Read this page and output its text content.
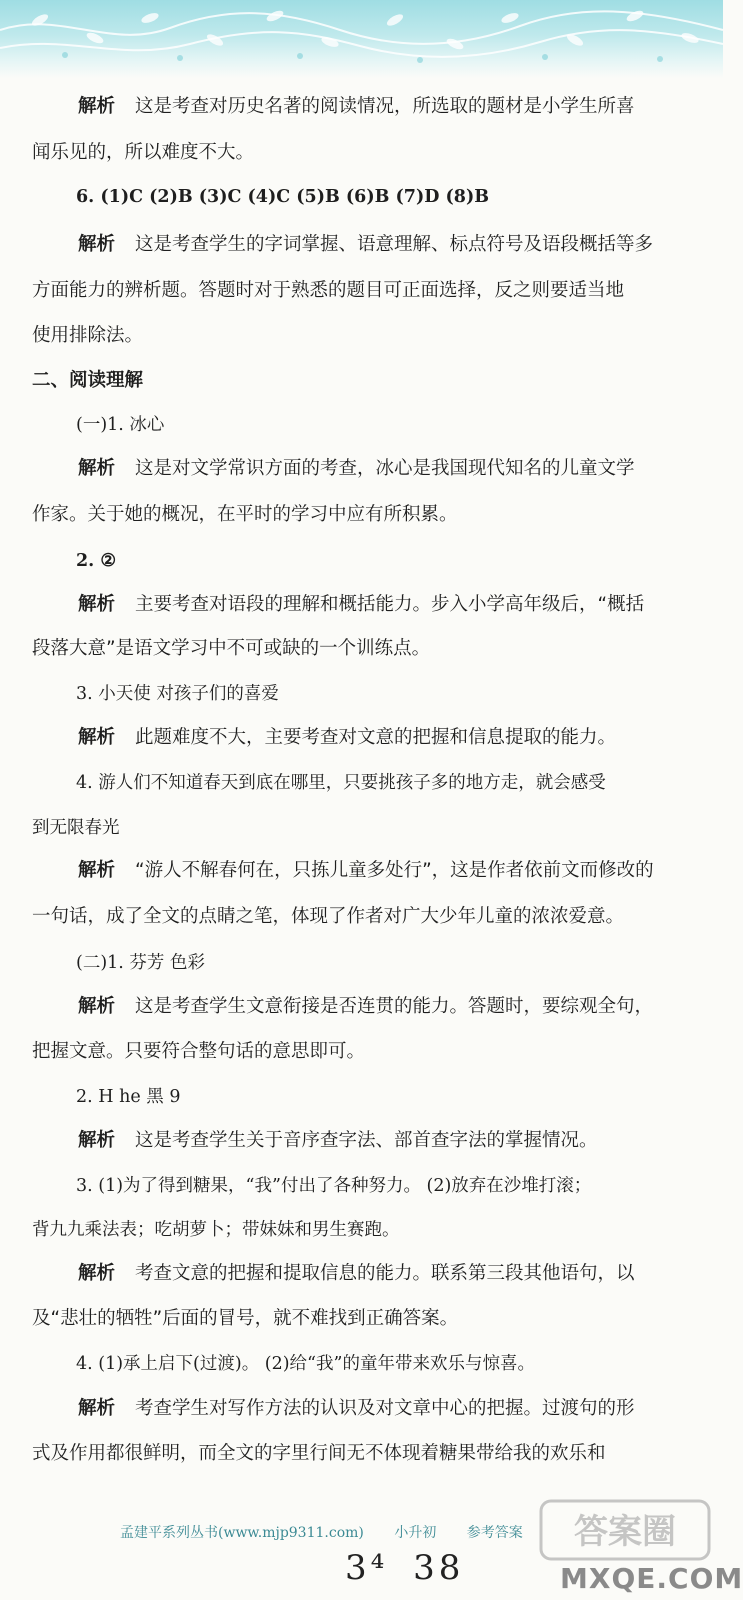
解析 这是考查对历史名著的阅读情况，所选取的题材是小学生所喜
闻乐见的，所以难度不大。
6. (1)C (2)B (3)C (4)C (5)B (6)B (7)D (8)B
解析 这是考查学生的字词掌握、语意理解、标点符号及语段概括等多
方面能力的辨析题。答题时对于熟悉的题目可正面选择，反之则要适当地
使用排除法。
二、阅读理解
(一)1. 冰心
解析 这是对文学常识方面的考查，冰心是我国现代知名的儿童文学
作家。关于她的概况，在平时的学习中应有所积累。
2. ②
解析 主要考查对语段的理解和概括能力。步入小学高年级后，“概括
段落大意”是语文学习中不可或缺的一个训练点。
3. 小天使 对孩子们的喜爱
解析 此题难度不大，主要考查对文意的把握和信息提取的能力。
4. 游人们不知道春天到底在哪里，只要挑孩子多的地方走，就会感受
到无限春光
解析 “游人不解春何在，只拣儿童多处行”，这是作者依前文而修改的
一句话，成了全文的点睛之笔，体现了作者对广大少年儿童的浓浓爱意。
(二)1. 芬芳 色彩
解析 这是考查学生文意衔接是否连贯的能力。答题时，要综观全句，
把握文意。只要符合整句话的意思即可。
2. H he 黑 9
解析 这是考查学生关于音序查字法、部首查字法的掌握情况。
3. (1)为了得到糖果，“我”付出了各种努力。 (2)放弃在沙堆打滚；
背九九乘法表；吃胡萝卜；带妹妹和男生赛跑。
解析 考查文意的把握和提取信息的能力。联系第三段其他语句，以
及“悲壮的牺牲”后面的冒号，就不难找到正确答案。
4. (1)承上启下(过渡)。 (2)给“我”的童年带来欢乐与惊喜。
解析 考查学生对写作方法的认识及对文章中心的把握。过渡句的形
式及作用都很鲜明，而全文的字里行间无不体现着糖果带给我的欢乐和
孟建平系列丛书(www.mjp9311.com) 小升初 参考答案
3⁴ 38
答案圈
MXQE.COM
